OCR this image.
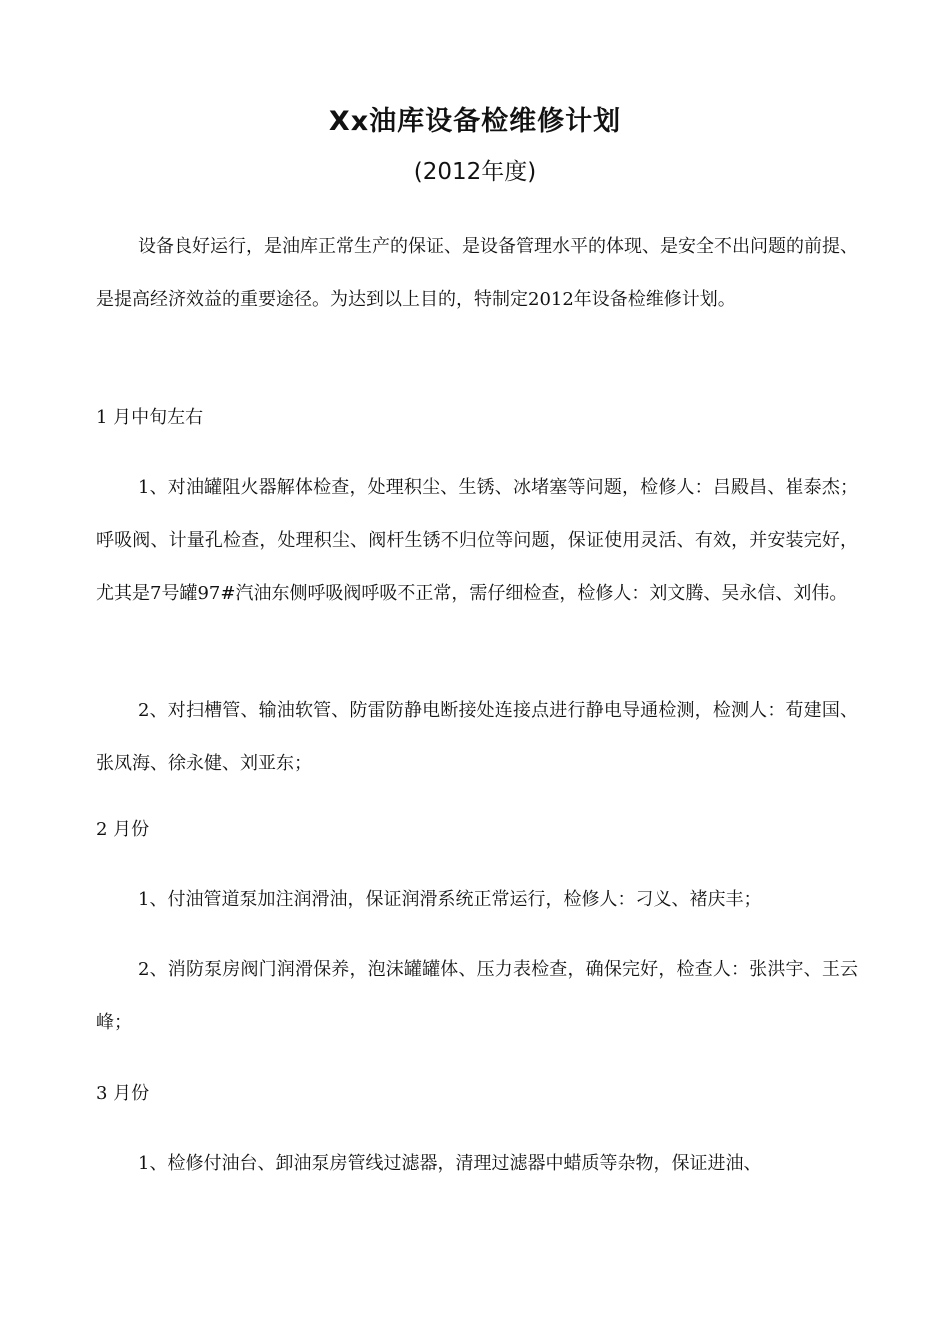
Xx油库设备检维修计划
(2012年度)

设备良好运行，是油库正常生产的保证、是设备管理水平的体现、是安全不出问题的前提、是提高经济效益的重要途径。为达到以上目的，特制定2012年设备检维修计划。

1 月中旬左右

1、对油罐阻火器解体检查，处理积尘、生锈、冰堵塞等问题，检修人：吕殿昌、崔泰杰；呼吸阀、计量孔检查，处理积尘、阀杆生锈不归位等问题，保证使用灵活、有效，并安装完好，尤其是7号罐97#汽油东侧呼吸阀呼吸不正常，需仔细检查，检修人：刘文腾、吴永信、刘伟。

2、对扫槽管、输油软管、防雷防静电断接处连接点进行静电导通检测，检测人：荀建国、张凤海、徐永健、刘亚东；

2 月份

1、付油管道泵加注润滑油，保证润滑系统正常运行，检修人：刁义、褚庆丰；

2、消防泵房阀门润滑保养，泡沫罐罐体、压力表检查，确保完好，检查人：张洪宇、王云峰；

3 月份

1、检修付油台、卸油泵房管线过滤器，清理过滤器中蜡质等杂物，保证进油、
